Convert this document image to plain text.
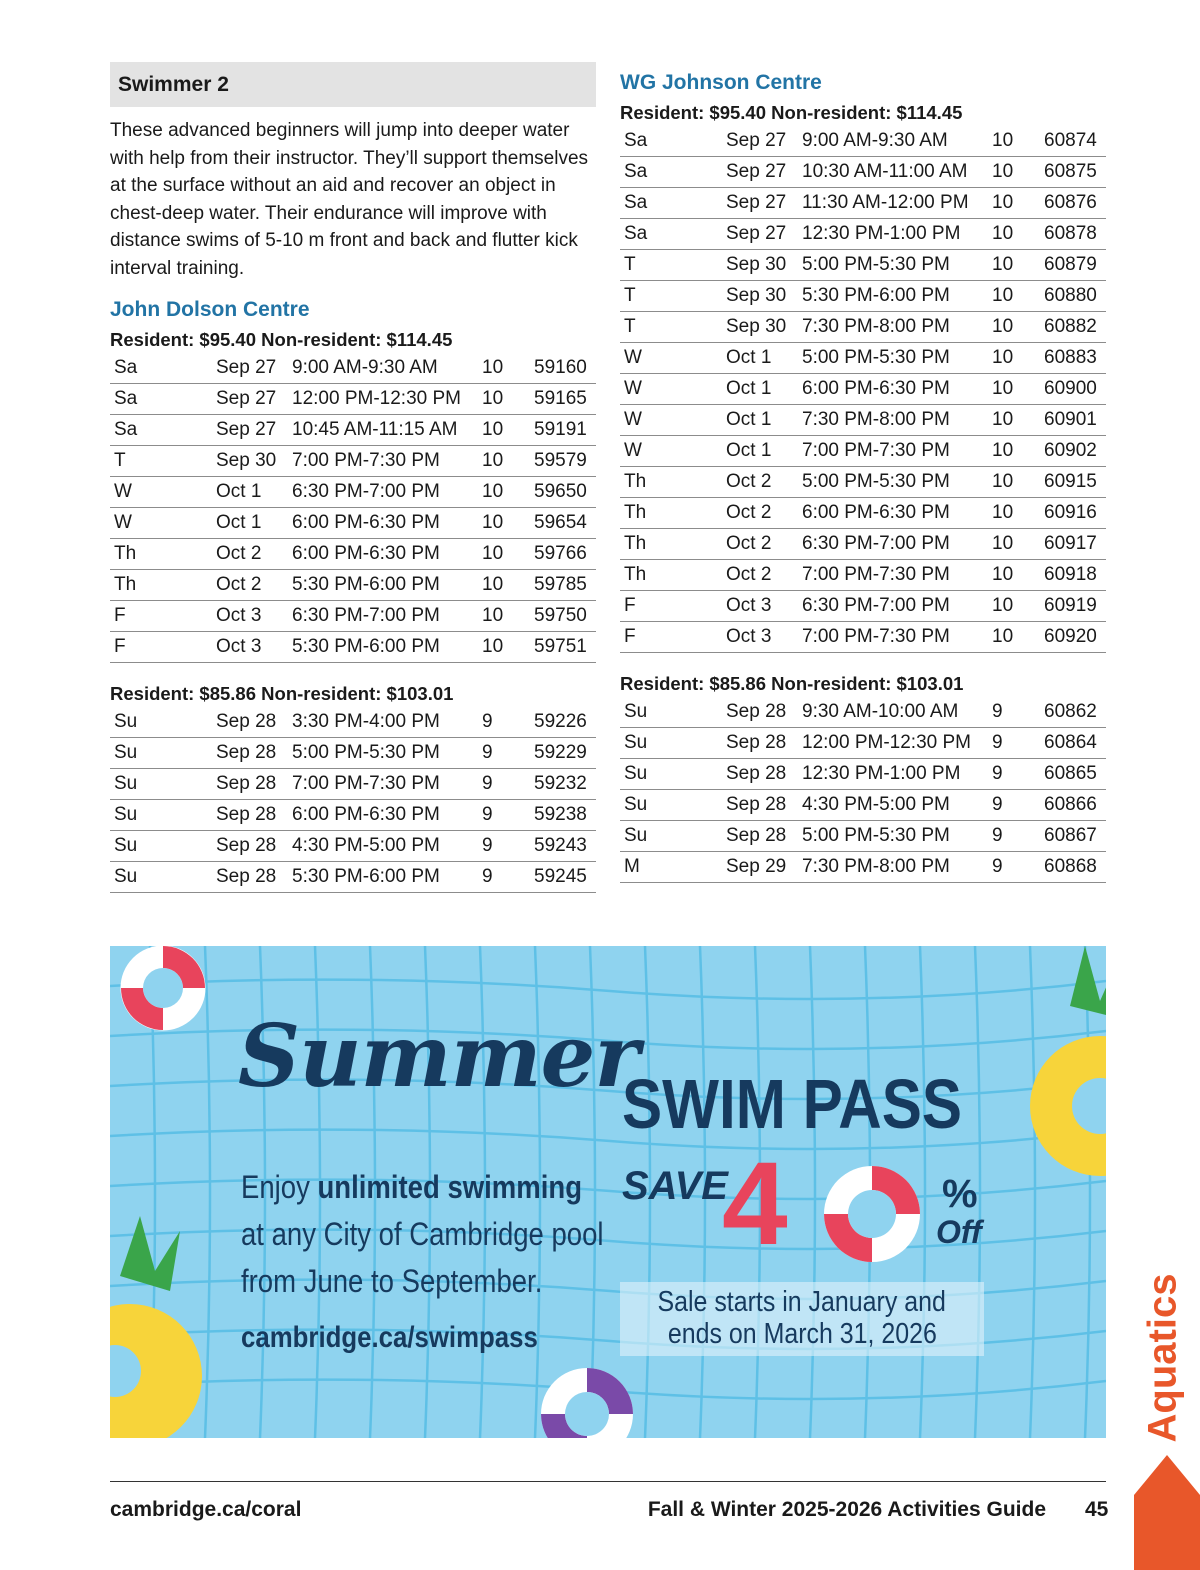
Swimmer 2
These advanced beginners will jump into deeper water with help from their instructor. They’ll support themselves at the surface without an aid and recover an object in chest-deep water. Their endurance will improve with distance swims of 5-10 m front and back and flutter kick interval training.
John Dolson Centre
Resident: $95.40 Non-resident: $114.45
Sa	Sep 27	9:00 AM-9:30 AM	10	59160
Sa	Sep 27	12:00 PM-12:30 PM	10	59165
Sa	Sep 27	10:45 AM-11:15 AM	10	59191
T	Sep 30	7:00 PM-7:30 PM	10	59579
W	Oct 1	6:30 PM-7:00 PM	10	59650
W	Oct 1	6:00 PM-6:30 PM	10	59654
Th	Oct 2	6:00 PM-6:30 PM	10	59766
Th	Oct 2	5:30 PM-6:00 PM	10	59785
F	Oct 3	6:30 PM-7:00 PM	10	59750
F	Oct 3	5:30 PM-6:00 PM	10	59751
Resident: $85.86 Non-resident: $103.01
Su	Sep 28	3:30 PM-4:00 PM	9	59226
Su	Sep 28	5:00 PM-5:30 PM	9	59229
Su	Sep 28	7:00 PM-7:30 PM	9	59232
Su	Sep 28	6:00 PM-6:30 PM	9	59238
Su	Sep 28	4:30 PM-5:00 PM	9	59243
Su	Sep 28	5:30 PM-6:00 PM	9	59245
WG Johnson Centre
Resident: $95.40 Non-resident: $114.45
Sa	Sep 27	9:00 AM-9:30 AM	10	60874
Sa	Sep 27	10:30 AM-11:00 AM	10	60875
Sa	Sep 27	11:30 AM-12:00 PM	10	60876
Sa	Sep 27	12:30 PM-1:00 PM	10	60878
T	Sep 30	5:00 PM-5:30 PM	10	60879
T	Sep 30	5:30 PM-6:00 PM	10	60880
T	Sep 30	7:30 PM-8:00 PM	10	60882
W	Oct 1	5:00 PM-5:30 PM	10	60883
W	Oct 1	6:00 PM-6:30 PM	10	60900
W	Oct 1	7:30 PM-8:00 PM	10	60901
W	Oct 1	7:00 PM-7:30 PM	10	60902
Th	Oct 2	5:00 PM-5:30 PM	10	60915
Th	Oct 2	6:00 PM-6:30 PM	10	60916
Th	Oct 2	6:30 PM-7:00 PM	10	60917
Th	Oct 2	7:00 PM-7:30 PM	10	60918
F	Oct 3	6:30 PM-7:00 PM	10	60919
F	Oct 3	7:00 PM-7:30 PM	10	60920
Resident: $85.86 Non-resident: $103.01
Su	Sep 28	9:30 AM-10:00 AM	9	60862
Su	Sep 28	12:00 PM-12:30 PM	9	60864
Su	Sep 28	12:30 PM-1:00 PM	9	60865
Su	Sep 28	4:30 PM-5:00 PM	9	60866
Su	Sep 28	5:00 PM-5:30 PM	9	60867
M	Sep 29	7:30 PM-8:00 PM	9	60868
Summer
SWIM PASS
Enjoy unlimited swimming
at any City of Cambridge pool
from June to September.
cambridge.ca/swimpass
SAVE
4	%
Off
Sale starts in January and
ends on March 31, 2026
cambridge.ca/coral	Fall & Winter 2025-2026 Activities Guide 45
Aquatics
